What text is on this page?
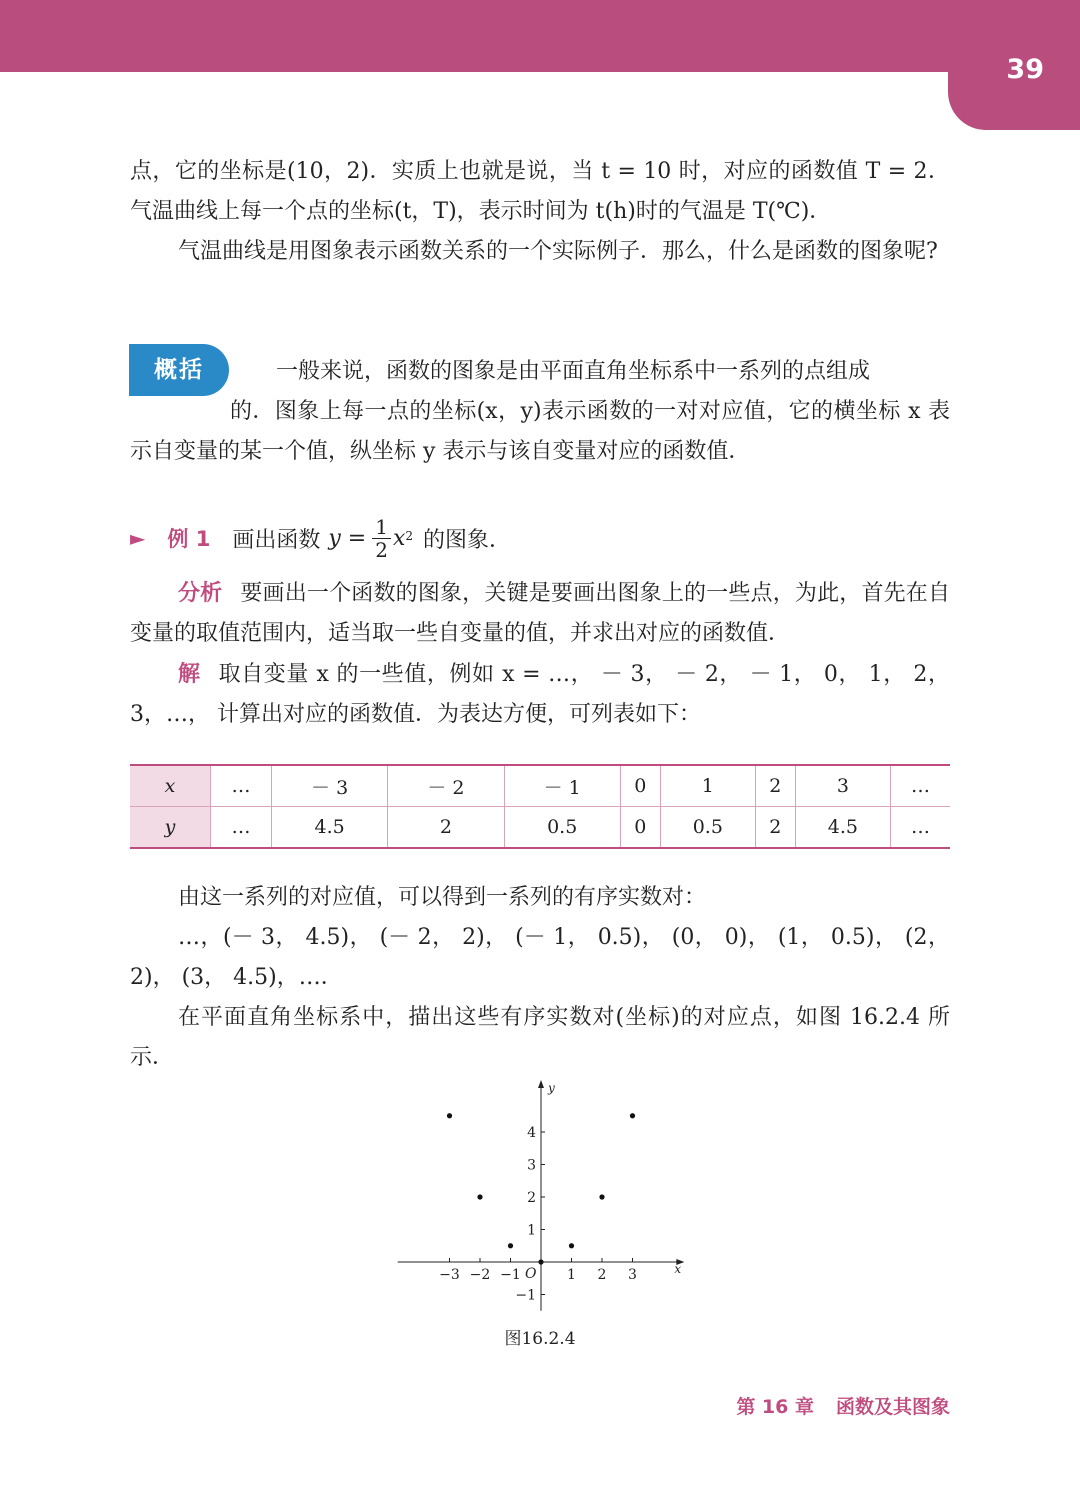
39
点，它的坐标是(10，2)．实质上也就是说，当 t = 10 时，对应的函数值 T = 2．气温曲线上每一个点的坐标(t，T)，表示时间为 t(h)时的气温是 T(℃)．
气温曲线是用图象表示函数关系的一个实际例子．那么，什么是函数的图象呢?
概括	一般来说，函数的图象是由平面直角坐标系中一系列的点组成
的．图象上每一点的坐标(x，y)表示函数的一对对应值，它的横坐标 x 表示自变量的某一个值，纵坐标 y 表示与该自变量对应的函数值．
► 例 1 画出函数 $y = \frac{1}{2} x^2$ 的图象．
分析 要画出一个函数的图象，关键是要画出图象上的一些点，为此，首先在自变量的取值范围内，适当取一些自变量的值，并求出对应的函数值．
解 取自变量 x 的一些值，例如 x = …， － 3， － 2， － 1， 0， 1， 2， 3，…， 计算出对应的函数值．为表达方便，可列表如下：
x	…	－ 3	－ 2	－ 1	0	1	2	3	…
y	…	4.5	2	0.5	0	0.5	2	4.5	…
由这一系列的对应值，可以得到一系列的有序实数对：
…，(－ 3， 4.5)， (－ 2， 2)， (－ 1， 0.5)， (0， 0)， (1， 0.5)， (2， 2)， (3， 4.5)，…．
在平面直角坐标系中，描出这些有序实数对(坐标)的对应点，如图 16.2.4 所示．
x
y
O
−3 −2 −1	1 2 3
−1
1
2
3
4
图16.2.4
第 16 章 函数及其图象
